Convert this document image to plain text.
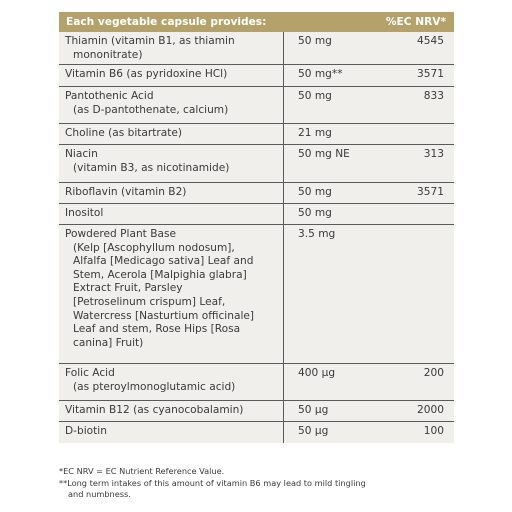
Each vegetable capsule provides:	%EC NRV*
Thiamin (vitamin B1, as thiamin
mononitrate)
50 mg	4545
Vitamin B6 (as pyridoxine HCl)	50 mg**	3571
Pantothenic Acid
(as D-pantothenate, calcium)
50 mg	833
Choline (as bitartrate)	21 mg
Niacin
(vitamin B3, as nicotinamide)
50 mg NE	313
Riboflavin (vitamin B2)	50 mg	3571
Inositol	50 mg
Powdered Plant Base
(Kelp [Ascophyllum nodosum],
Alfalfa [Medicago sativa] Leaf and
Stem, Acerola [Malpighia glabra]
Extract Fruit, Parsley
[Petroselinum crispum] Leaf,
Watercress [Nasturtium officinale]
Leaf and stem, Rose Hips [Rosa
canina] Fruit)
3.5 mg
Folic Acid
(as pteroylmonoglutamic acid)
400 µg	200
Vitamin B12 (as cyanocobalamin)	50 µg	2000
D-biotin	50 µg	100
*EC NRV = EC Nutrient Reference Value.
**Long term intakes of this amount of vitamin B6 may lead to mild tingling
and numbness.
